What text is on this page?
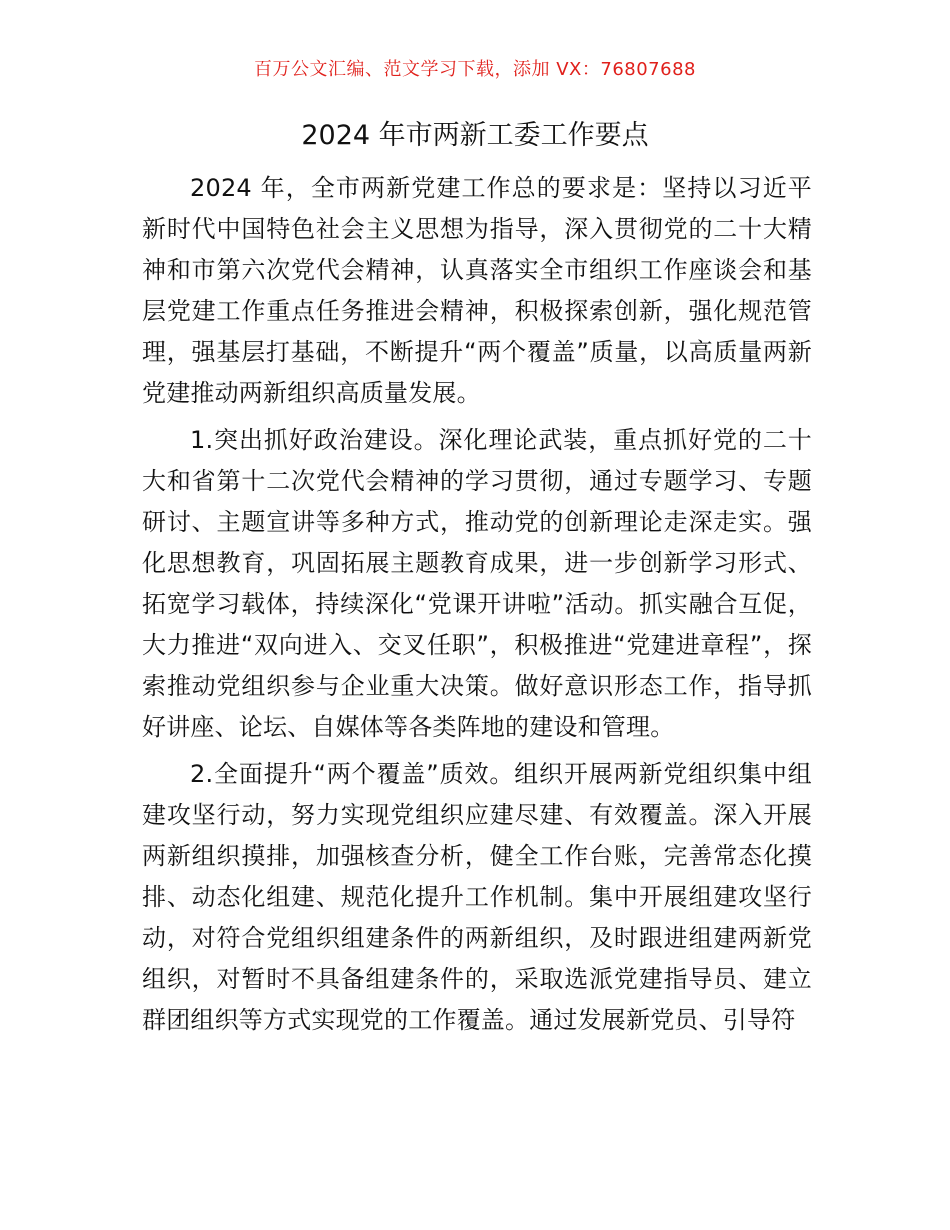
百万公文汇编、范文学习下载，添加 VX：76807688
2024 年市两新工委工作要点

2024 年，全市两新党建工作总的要求是：坚持以习近平新时代中国特色社会主义思想为指导，深入贯彻党的二十大精神和市第六次党代会精神，认真落实全市组织工作座谈会和基层党建工作重点任务推进会精神，积极探索创新，强化规范管理，强基层打基础，不断提升“两个覆盖”质量，以高质量两新党建推动两新组织高质量发展。

1.突出抓好政治建设。深化理论武装，重点抓好党的二十大和省第十二次党代会精神的学习贯彻，通过专题学习、专题研讨、主题宣讲等多种方式，推动党的创新理论走深走实。强化思想教育，巩固拓展主题教育成果，进一步创新学习形式、拓宽学习载体，持续深化“党课开讲啦”活动。抓实融合互促，大力推进“双向进入、交叉任职”，积极推进“党建进章程”，探索推动党组织参与企业重大决策。做好意识形态工作，指导抓好讲座、论坛、自媒体等各类阵地的建设和管理。

2.全面提升“两个覆盖”质效。组织开展两新党组织集中组建攻坚行动，努力实现党组织应建尽建、有效覆盖。深入开展两新组织摸排，加强核查分析，健全工作台账，完善常态化摸排、动态化组建、规范化提升工作机制。集中开展组建攻坚行动，对符合党组织组建条件的两新组织，及时跟进组建两新党组织，对暂时不具备组建条件的，采取选派党建指导员、建立群团组织等方式实现党的工作覆盖。通过发展新党员、引导符
